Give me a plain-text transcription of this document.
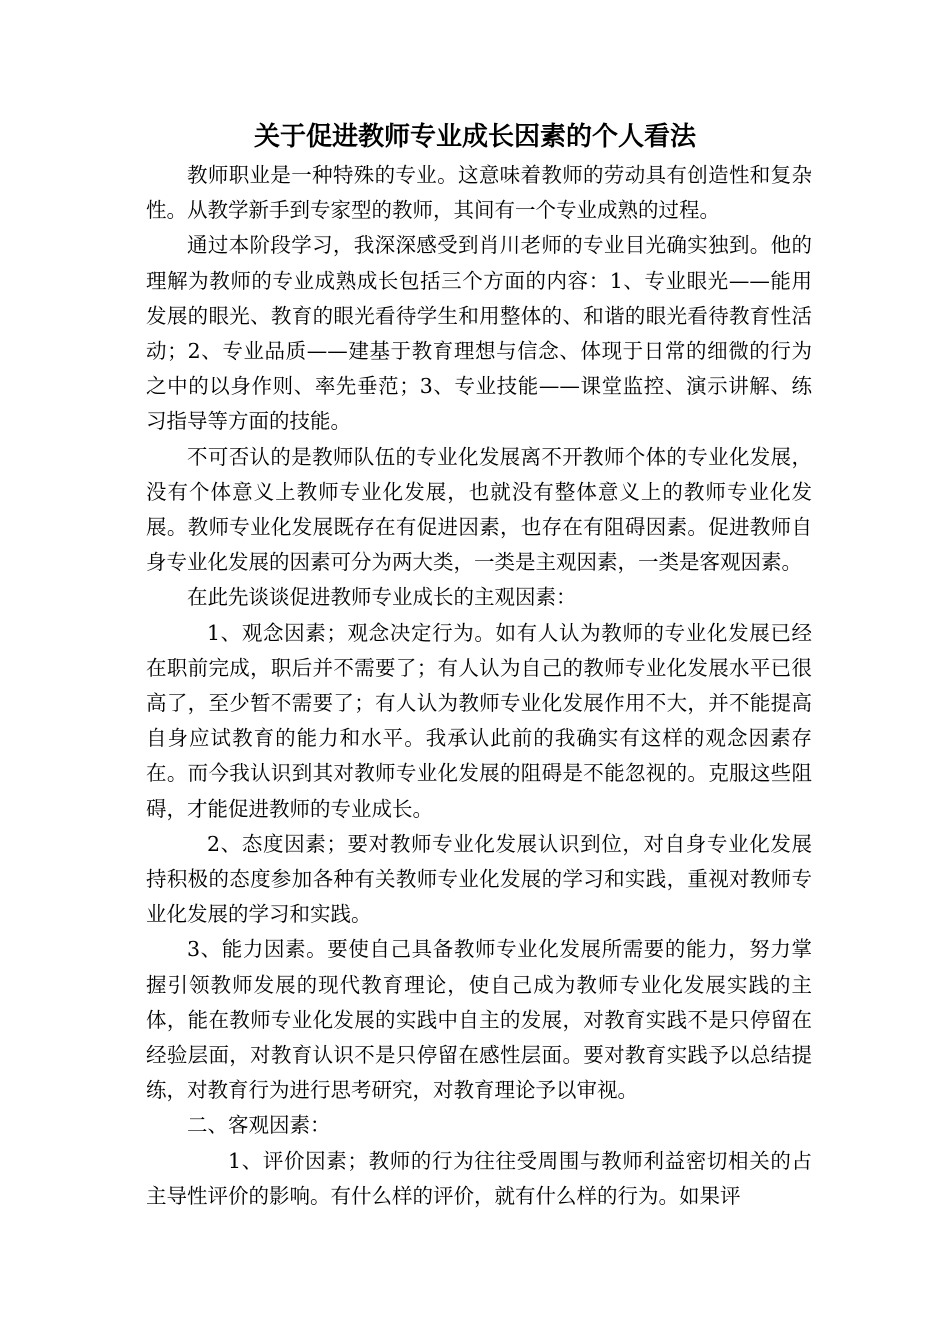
关于促进教师专业成长因素的个人看法

教师职业是一种特殊的专业。这意味着教师的劳动具有创造性和复杂性。从教学新手到专家型的教师，其间有一个专业成熟的过程。

通过本阶段学习，我深深感受到肖川老师的专业目光确实独到。他的理解为教师的专业成熟成长包括三个方面的内容：1、专业眼光——能用发展的眼光、教育的眼光看待学生和用整体的、和谐的眼光看待教育性活动；2、专业品质——建基于教育理想与信念、体现于日常的细微的行为之中的以身作则、率先垂范；3、专业技能——课堂监控、演示讲解、练习指导等方面的技能。

不可否认的是教师队伍的专业化发展离不开教师个体的专业化发展，没有个体意义上教师专业化发展，也就没有整体意义上的教师专业化发展。教师专业化发展既存在有促进因素，也存在有阻碍因素。促进教师自身专业化发展的因素可分为两大类，一类是主观因素，一类是客观因素。

在此先谈谈促进教师专业成长的主观因素：

1、观念因素；观念决定行为。如有人认为教师的专业化发展已经在职前完成，职后并不需要了；有人认为自己的教师专业化发展水平已很高了，至少暂不需要了；有人认为教师专业化发展作用不大，并不能提高自身应试教育的能力和水平。我承认此前的我确实有这样的观念因素存在。而今我认识到其对教师专业化发展的阻碍是不能忽视的。克服这些阻碍，才能促进教师的专业成长。

2、态度因素；要对教师专业化发展认识到位，对自身专业化发展持积极的态度参加各种有关教师专业化发展的学习和实践，重视对教师专业化发展的学习和实践。

3、能力因素。要使自己具备教师专业化发展所需要的能力，努力掌握引领教师发展的现代教育理论，使自己成为教师专业化发展实践的主体，能在教师专业化发展的实践中自主的发展，对教育实践不是只停留在经验层面，对教育认识不是只停留在感性层面。要对教育实践予以总结提练，对教育行为进行思考研究，对教育理论予以审视。

二、客观因素：

1、评价因素；教师的行为往往受周围与教师利益密切相关的占主导性评价的影响。有什么样的评价，就有什么样的行为。如果评
